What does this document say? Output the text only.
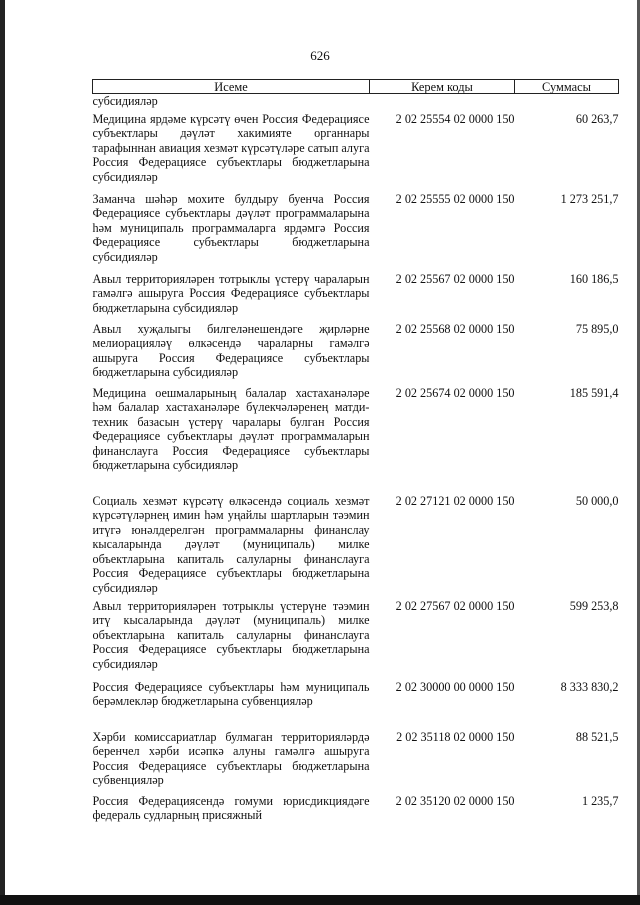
626
Исеме	Керем коды	Суммасы
субсидияләр		
Медицина ярдәме күрсәтү өчен Россия Федерациясе субъектлары дәүләт хакимияте органнары тарафыннан авиация хезмәт күрсәтүләре сатып алуга Россия Федерациясе субъектлары бюджетларына субсидияләр	2 02 25554 02 0000 150	60 263,7
Заманча шәһәр мохите булдыру буенча Россия Федерациясе субъектлары дәүләт программаларына һәм муниципаль программаларга ярдәмгә Россия Федерациясе субъектлары бюджетларына субсидияләр	2 02 25555 02 0000 150	1 273 251,7
Авыл территорияләрен тотрыклы үстерү чараларын гамәлгә ашыруга Россия Федерациясе субъектлары бюджетларына субсидияләр	2 02 25567 02 0000 150	160 186,5
Авыл хуҗалыгы билгеләнешендәге җирләрне мелиорацияләү өлкәсендә чараларны гамәлгә ашыруга Россия Федерациясе субъектлары бюджетларына субсидияләр	2 02 25568 02 0000 150	75 895,0
Медицина оешмаларының балалар хастаханәләре һәм балалар хастаханәләре бүлекчәләренең матди-техник базасын үстерү чаралары булган Россия Федерациясе субъектлары дәүләт программаларын финанслауга Россия Федерациясе субъектлары бюджетларына субсидияләр	2 02 25674 02 0000 150	185 591,4
Социаль хезмәт күрсәтү өлкәсендә социаль хезмәт күрсәтүләрнең имин һәм уңайлы шартларын тәэмин итүгә юнәлдерелгән программаларны финанслау кысаларында дәүләт (муниципаль) милке объектларына капиталь салуларны финанслауга Россия Федерациясе субъектлары бюджетларына субсидияләр	2 02 27121 02 0000 150	50 000,0
Авыл территорияләрен тотрыклы үстерүне тәэмин итү кысаларында дәүләт (муниципаль) милке объектларына капиталь салуларны финанслауга Россия Федерациясе субъектлары бюджетларына субсидияләр	2 02 27567 02 0000 150	599 253,8
Россия Федерациясе субъектлары һәм муниципаль берәмлекләр бюджетларына субвенцияләр	2 02 30000 00 0000 150	8 333 830,2
Хәрби комиссариатлар булмаган территорияләрдә беренчел хәрби исәпкә алуны гамәлгә ашыруга Россия Федерациясе субъектлары бюджетларына субвенцияләр	2 02 35118 02 0000 150	88 521,5
Россия Федерациясендә гомуми юрисдикциядәге федераль судларның присяжный	2 02 35120 02 0000 150	1 235,7
